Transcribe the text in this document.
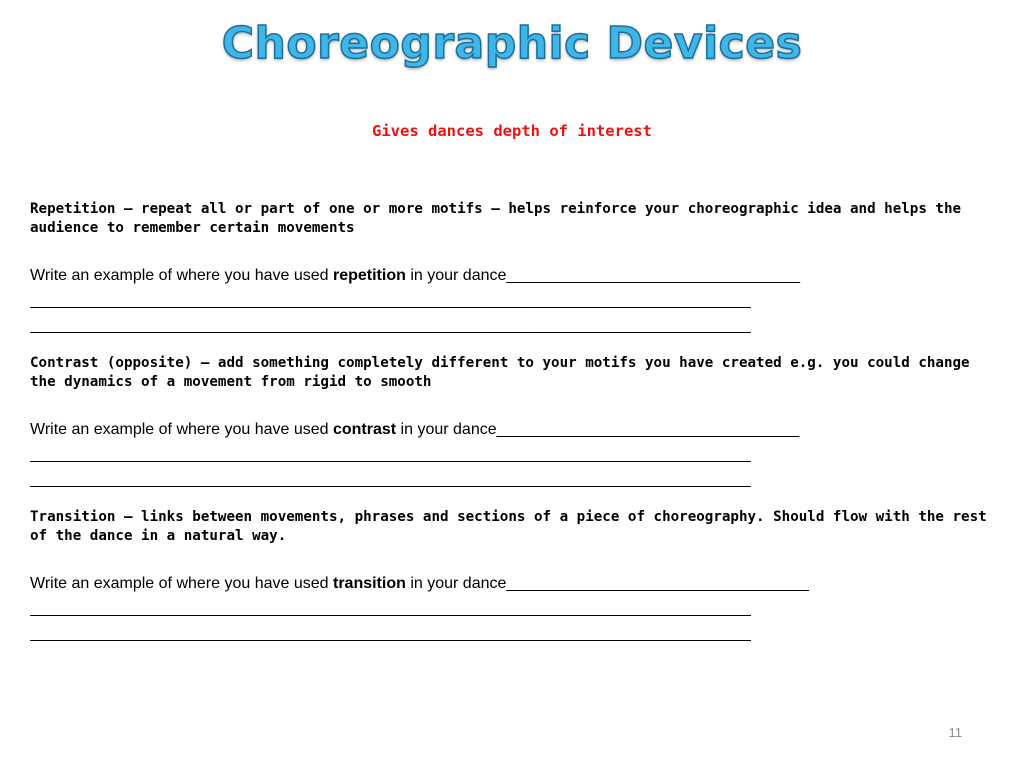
Choreographic Devices
Gives dances depth of interest

Repetition – repeat all or part of one or more motifs – helps reinforce your choreographic idea and helps the audience to remember certain movements

Write an example of where you have used repetition in your dance_________________________________

_________________________________________________________________________________

_________________________________________________________________________________

Contrast (opposite) – add something completely different to your motifs you have created e.g. you could change the dynamics of a movement from rigid to smooth

Write an example of where you have used contrast in your dance__________________________________

_________________________________________________________________________________

_________________________________________________________________________________

Transition – links between movements, phrases and sections of a piece of choreography. Should flow with the rest of the dance in a natural way.

Write an example of where you have used transition in your dance__________________________________

_________________________________________________________________________________

_________________________________________________________________________________

11
